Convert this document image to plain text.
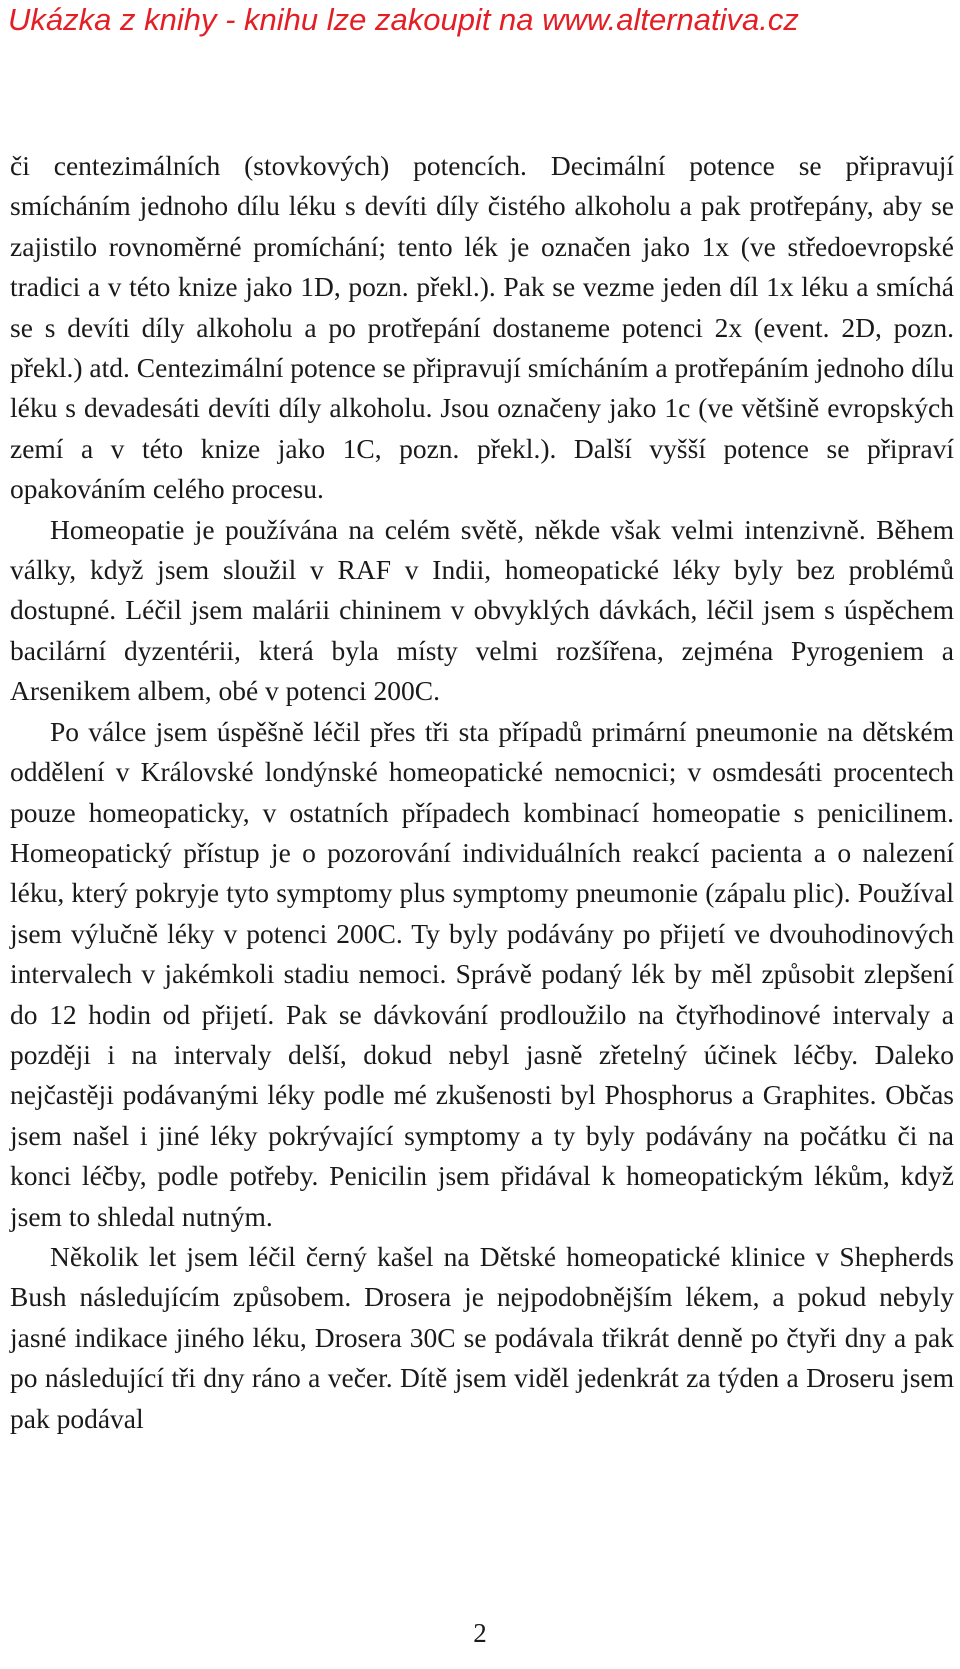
Ukázka z knihy - knihu lze zakoupit na www.alternativa.cz

či centezimálních (stovkových) potencích. Decimální potence se připravují smícháním jednoho dílu léku s devíti díly čistého alkoholu a pak protřepány, aby se zajistilo rovnoměrné promíchání; tento lék je označen jako 1x (ve středoevropské tradici a v této knize jako 1D, pozn. překl.). Pak se vezme jeden díl 1x léku a smíchá se s devíti díly alkoholu a po protřepání dostaneme potenci 2x (event. 2D, pozn. překl.) atd. Centezimální potence se připravují smícháním a protřepáním jednoho dílu léku s devadesáti devíti díly alkoholu. Jsou označeny jako 1c (ve většině evropských zemí a v této knize jako 1C, pozn. překl.). Další vyšší potence se připraví opakováním celého procesu.

Homeopatie je používána na celém světě, někde však velmi intenzivně. Během války, když jsem sloužil v RAF v Indii, homeopatické léky byly bez problémů dostupné. Léčil jsem malárii chininem v obvyklých dávkách, léčil jsem s úspěchem bacilární dyzentérii, která byla místy velmi rozšířena, zejména Pyrogeniem a Arsenikem albem, obé v potenci 200C.

Po válce jsem úspěšně léčil přes tři sta případů primární pneumonie na dětském oddělení v Královské londýnské homeopatické nemocnici; v osmdesáti procentech pouze homeopaticky, v ostatních případech kombinací homeopatie s penicilinem. Homeopatický přístup je o pozorování individuálních reakcí pacienta a o nalezení léku, který pokryje tyto symptomy plus symptomy pneumonie (zápalu plic). Používal jsem výlučně léky v potenci 200C. Ty byly podávány po přijetí ve dvouhodinových intervalech v jakémkoli stadiu nemoci. Správě podaný lék by měl způsobit zlepšení do 12 hodin od přijetí. Pak se dávkování prodloužilo na čtyřhodinové intervaly a později i na intervaly delší, dokud nebyl jasně zřetelný účinek léčby. Daleko nejčastěji podávanými léky podle mé zkušenosti byl Phosphorus a Graphites. Občas jsem našel i jiné léky pokrývající symptomy a ty byly podávány na počátku či na konci léčby, podle potřeby. Penicilin jsem přidával k homeopatickým lékům, když jsem to shledal nutným.

Několik let jsem léčil černý kašel na Dětské homeopatické klinice v Shepherds Bush následujícím způsobem. Drosera je nejpodobnějším lékem, a pokud nebyly jasné indikace jiného léku, Drosera 30C se podávala třikrát denně po čtyři dny a pak po následující tři dny ráno a večer. Dítě jsem viděl jedenkrát za týden a Droseru jsem pak podával

2
